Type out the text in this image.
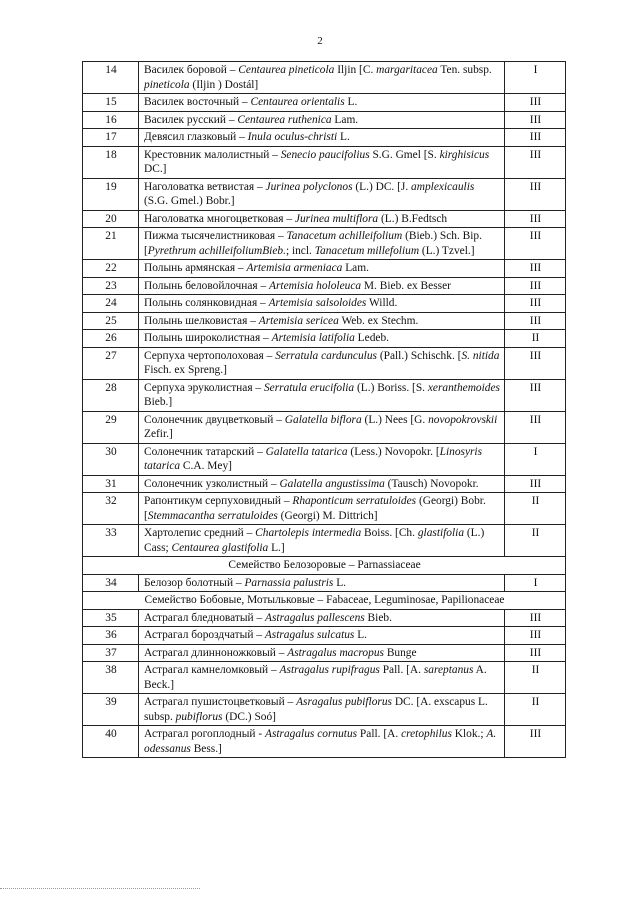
2
14	Василек боровой – Centaurea pineticola Iljin [C. margaritacea Ten. subsp. pineticola (Iljin ) Dostál]	I
15	Василек восточный – Centaurea orientalis L.	III
16	Василек русский – Centaurea ruthenica Lam.	III
17	Девясил глазковый – Inula oculus-christi L.	III
18	Крестовник малолистный – Senecio paucifolius S.G. Gmel [S. kirghisicus DC.]	III
19	Наголоватка ветвистая – Jurinea polyclonos (L.) DC. [J. amplexicaulis (S.G. Gmel.) Bobr.]	III
20	Наголоватка многоцветковая – Jurinea multiflora (L.) B.Fedtsch	III
21	Пижма тысячелистниковая – Tanacetum achilleifolium (Bieb.) Sch. Bip. [Pyrethrum achilleifoliumBieb.; incl. Tanacetum millefolium (L.) Tzvel.]	III
22	Полынь армянская – Artemisia armeniaca Lam.	III
23	Полынь беловойлочная – Artemisia hololeuca M. Bieb. ex Besser	III
24	Полынь солянковидная – Artemisia salsoloides Willd.	III
25	Полынь шелковистая – Artemisia sericea Web. ex Stechm.	III
26	Полынь широколистная – Artemisia latifolia Ledeb.	II
27	Серпуха чертополоховая – Serratula cardunculus (Pall.) Schischk. [S. nitida Fisch. ex Spreng.]	III
28	Серпуха эруколистная – Serratula erucifolia (L.) Boriss. [S. xeranthemoides Bieb.]	III
29	Солонечник двуцветковый – Galatella biflora (L.) Nees [G. novopokrovskii Zefir.]	III
30	Солонечник татарский – Galatella tatarica (Less.) Novopokr. [Linosyris tatarica C.A. Mey]	I
31	Солонечник узколистный – Galatella angustissima (Tausch) Novopokr.	III
32	Рапонтикум серпуховидный – Rhaponticum serratuloides (Georgi) Bobr. [Stemmacantha serratuloides (Georgi) M. Dittrich]	II
33	Хартолепис средний – Chartolepis intermedia Boiss. [Ch. glastifolia (L.) Cass; Centaurea glastifolia L.]	II
Семейство Белозоровые – Parnassiaceae		
34	Белозор болотный – Parnassia palustris L.	I
Семейство Бобовые, Мотыльковые – Fabaceae, Leguminosae, Papilionaceae		
35	Астрагал бледноватый – Astragalus pallescens Bieb.	III
36	Астрагал бороздчатый – Astragalus sulcatus L.	III
37	Астрагал длинноножковый – Astragalus macropus Bunge	III
38	Астрагал камнеломковый – Astragalus rupifragus Pall. [A. sareptanus A. Beck.]	II
39	Астрагал пушистоцветковый – Asragalus pubiflorus DC. [A. exscapus L. subsp. pubiflorus (DC.) Soó]	II
40	Астрагал рогоплодный - Astragalus cornutus Pall. [A. cretophilus Klok.; A. odessanus Bess.]	III
